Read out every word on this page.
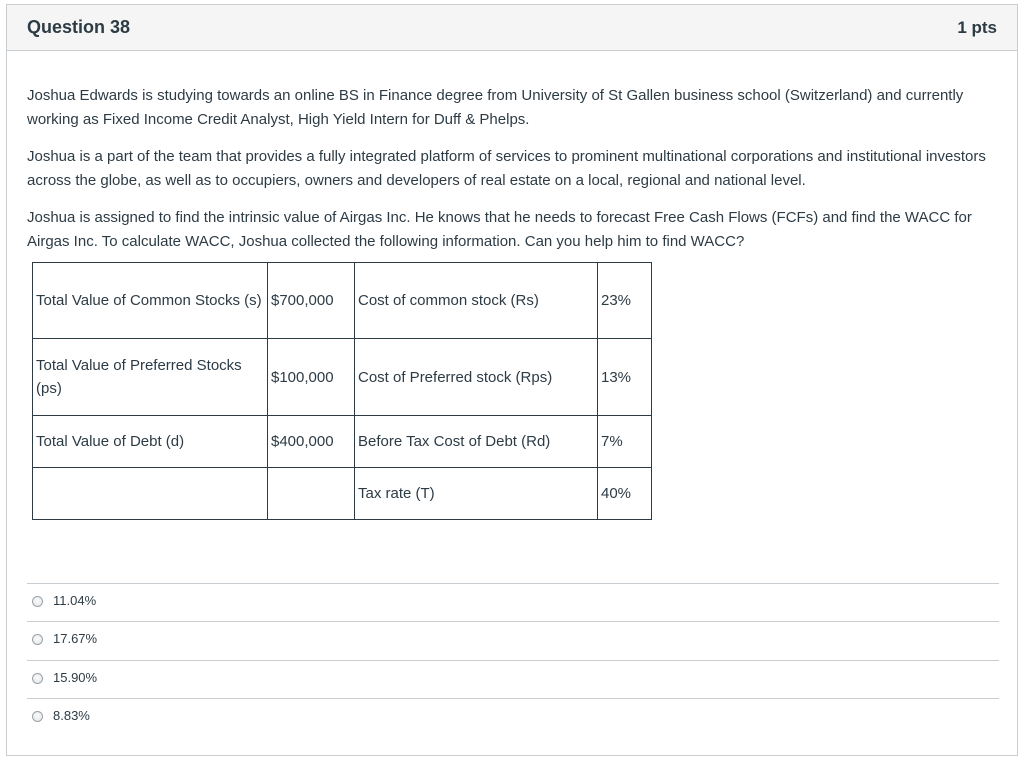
Question 38	1 pts

Joshua Edwards is studying towards an online BS in Finance degree from University of St Gallen business school (Switzerland) and currently working as Fixed Income Credit Analyst, High Yield Intern for Duff & Phelps.

Joshua is a part of the team that provides a fully integrated platform of services to prominent multinational corporations and institutional investors across the globe, as well as to occupiers, owners and developers of real estate on a local, regional and national level.

Joshua is assigned to find the intrinsic value of Airgas Inc. He knows that he needs to forecast Free Cash Flows (FCFs) and find the WACC for Airgas Inc. To calculate WACC, Joshua collected the following information. Can you help him to find WACC?

Total Value of Common Stocks (s)	$700,000	Cost of common stock (Rs)	23%
Total Value of Preferred Stocks (ps)	$100,000	Cost of Preferred stock (Rps)	13%
Total Value of Debt (d)	$400,000	Before Tax Cost of Debt (Rd)	7%
		Tax rate (T)	40%
11.04%
17.67%
15.90%
8.83%
